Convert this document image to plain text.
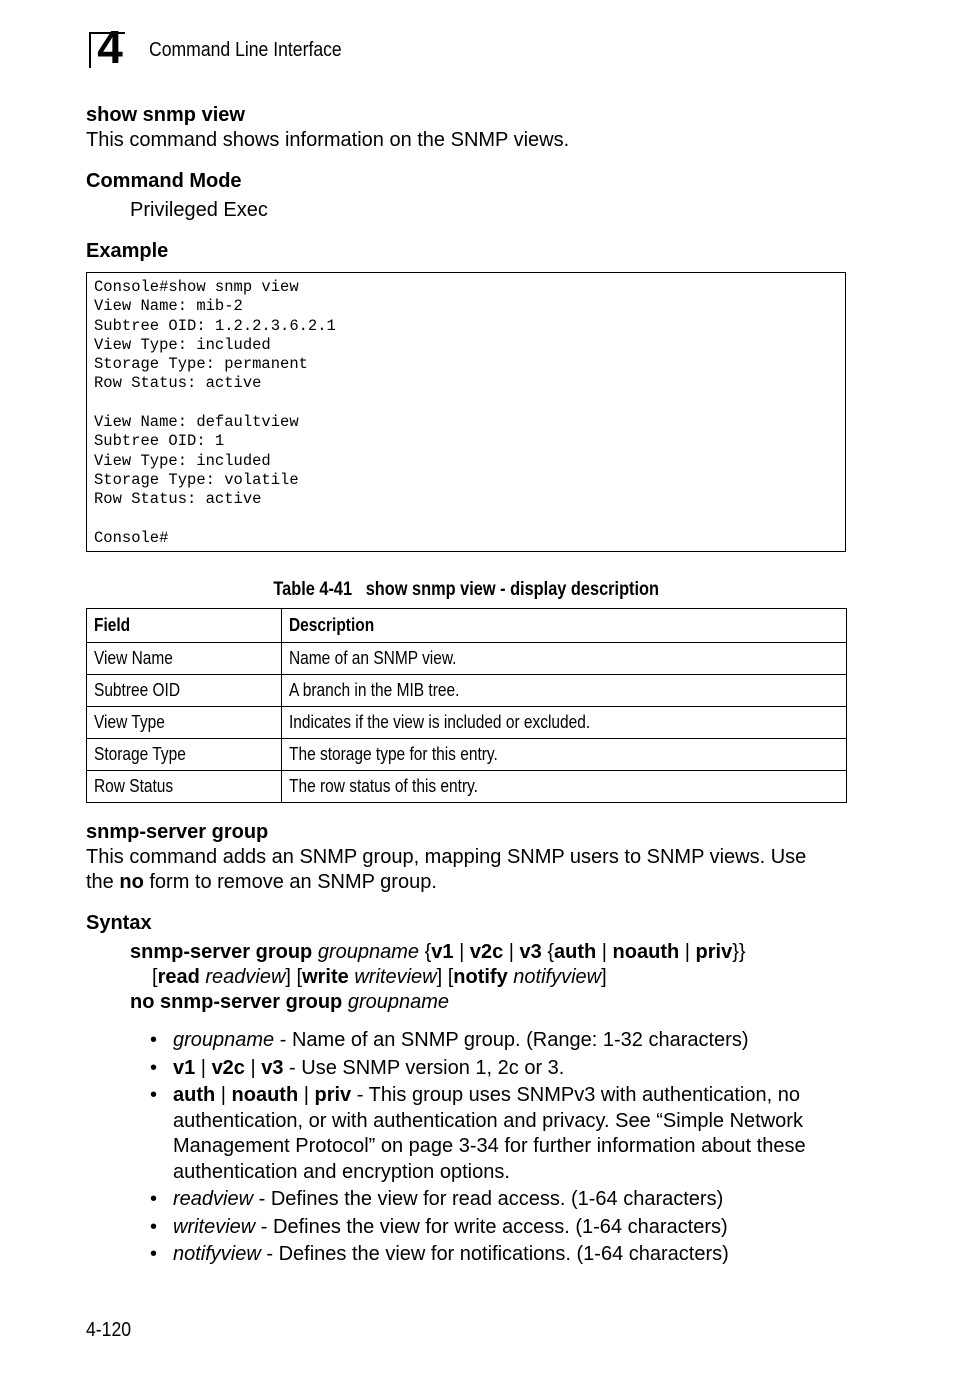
4	Command Line Interface
show snmp view
This command shows information on the SNMP views.
Command Mode
Privileged Exec
Example
Console#show snmp view
View Name: mib-2
Subtree OID: 1.2.2.3.6.2.1
View Type: included
Storage Type: permanent
Row Status: active
View Name: defaultview
Subtree OID: 1
View Type: included
Storage Type: volatile
Row Status: active
Console#
Table 4-41   show snmp view - display description
Field	Description
View Name	Name of an SNMP view.
Subtree OID	A branch in the MIB tree.
View Type	Indicates if the view is included or excluded.
Storage Type	The storage type for this entry.
Row Status	The row status of this entry.
snmp-server group
This command adds an SNMP group, mapping SNMP users to SNMP views. Use
the no form to remove an SNMP group.
Syntax
snmp-server group groupname {v1 | v2c | v3 {auth | noauth | priv}}
[read readview] [write writeview] [notify notifyview]
no snmp-server group groupname
• groupname - Name of an SNMP group. (Range: 1-32 characters)
• v1 | v2c | v3 - Use SNMP version 1, 2c or 3.
• auth | noauth | priv - This group uses SNMPv3 with authentication, no authentication, or with authentication and privacy. See “Simple Network Management Protocol” on page 3-34 for further information about these authentication and encryption options.
• readview - Defines the view for read access. (1-64 characters)
• writeview - Defines the view for write access. (1-64 characters)
• notifyview - Defines the view for notifications. (1-64 characters)
4-120
